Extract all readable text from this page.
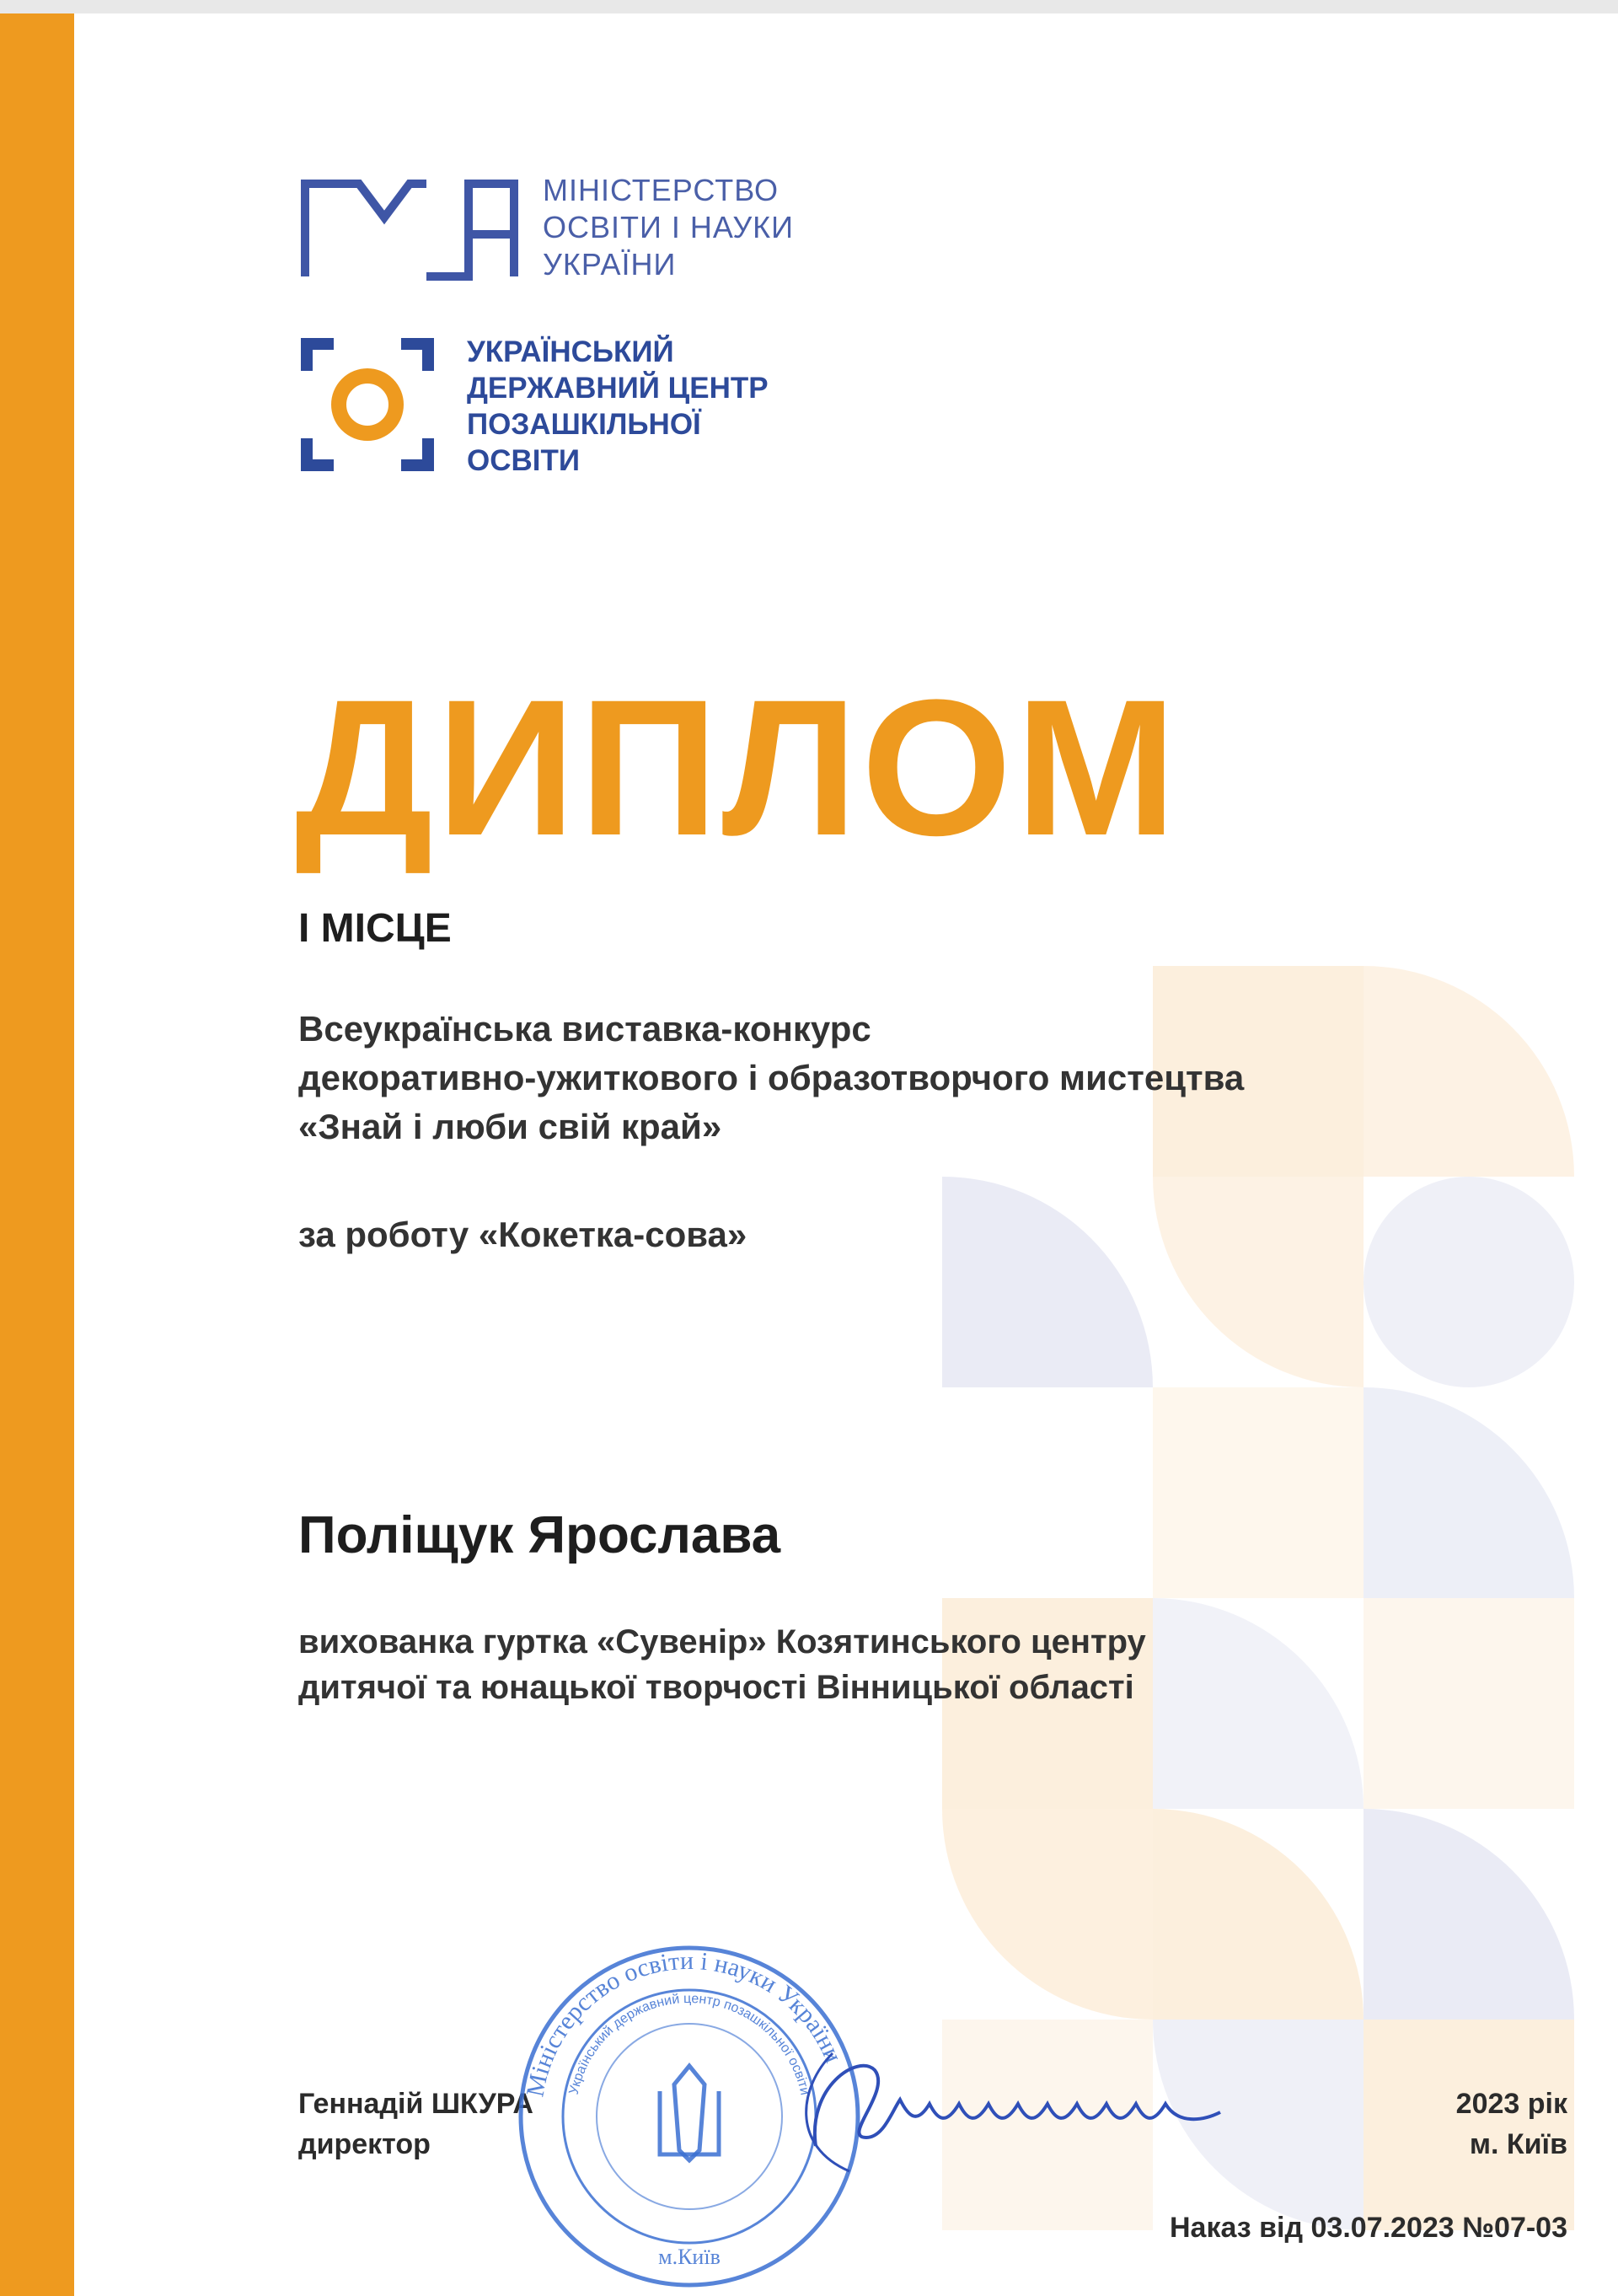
МІНІСТЕРСТВО
ОСВІТИ І НАУКИ
УКРАЇНИ
УКРАЇНСЬКИЙ
ДЕРЖАВНИЙ ЦЕНТР
ПОЗАШКІЛЬНОЇ
ОСВІТИ
ДИПЛОМ
І МІСЦЕ
Всеукраїнська виставка-конкурс
декоративно-ужиткового і образотворчого мистецтва
«Знай і люби свій край»
за роботу «Кокетка-сова»
Поліщук Ярослава
вихованка гуртка «Сувенір» Козятинського центру
дитячої та юнацької творчості Вінницької області
Геннадій ШКУРА
директор
2023 рік
м. Київ
Наказ від 03.07.2023 №07-03
Міністерство освіти і науки України
Український державний центр позашкільної освіти
м.Київ
